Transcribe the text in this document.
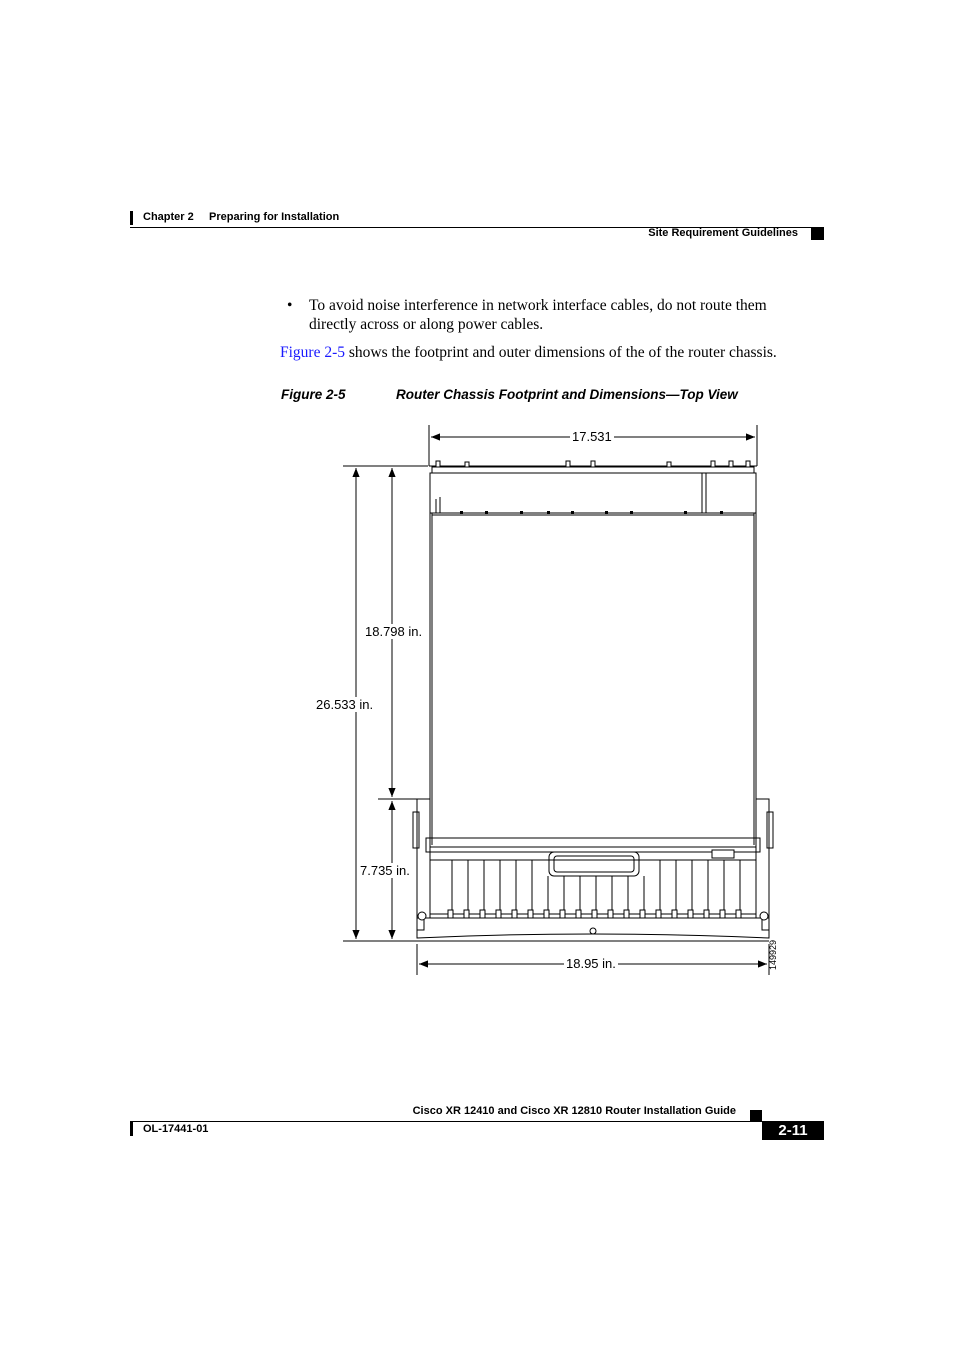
Chapter 2 Preparing for Installation
Site Requirement Guidelines
• To avoid noise interference in network interface cables, do not route them
directly across or along power cables.
Figure 2-5 shows the footprint and outer dimensions of the of the router chassis.
Figure 2-5	Router Chassis Footprint and Dimensions—Top View
17.531
18.798 in.
26.533 in.
7.735 in.
18.95 in.	149929
Cisco XR 12410 and Cisco XR 12810 Router Installation Guide
OL-17441-01	2-11
